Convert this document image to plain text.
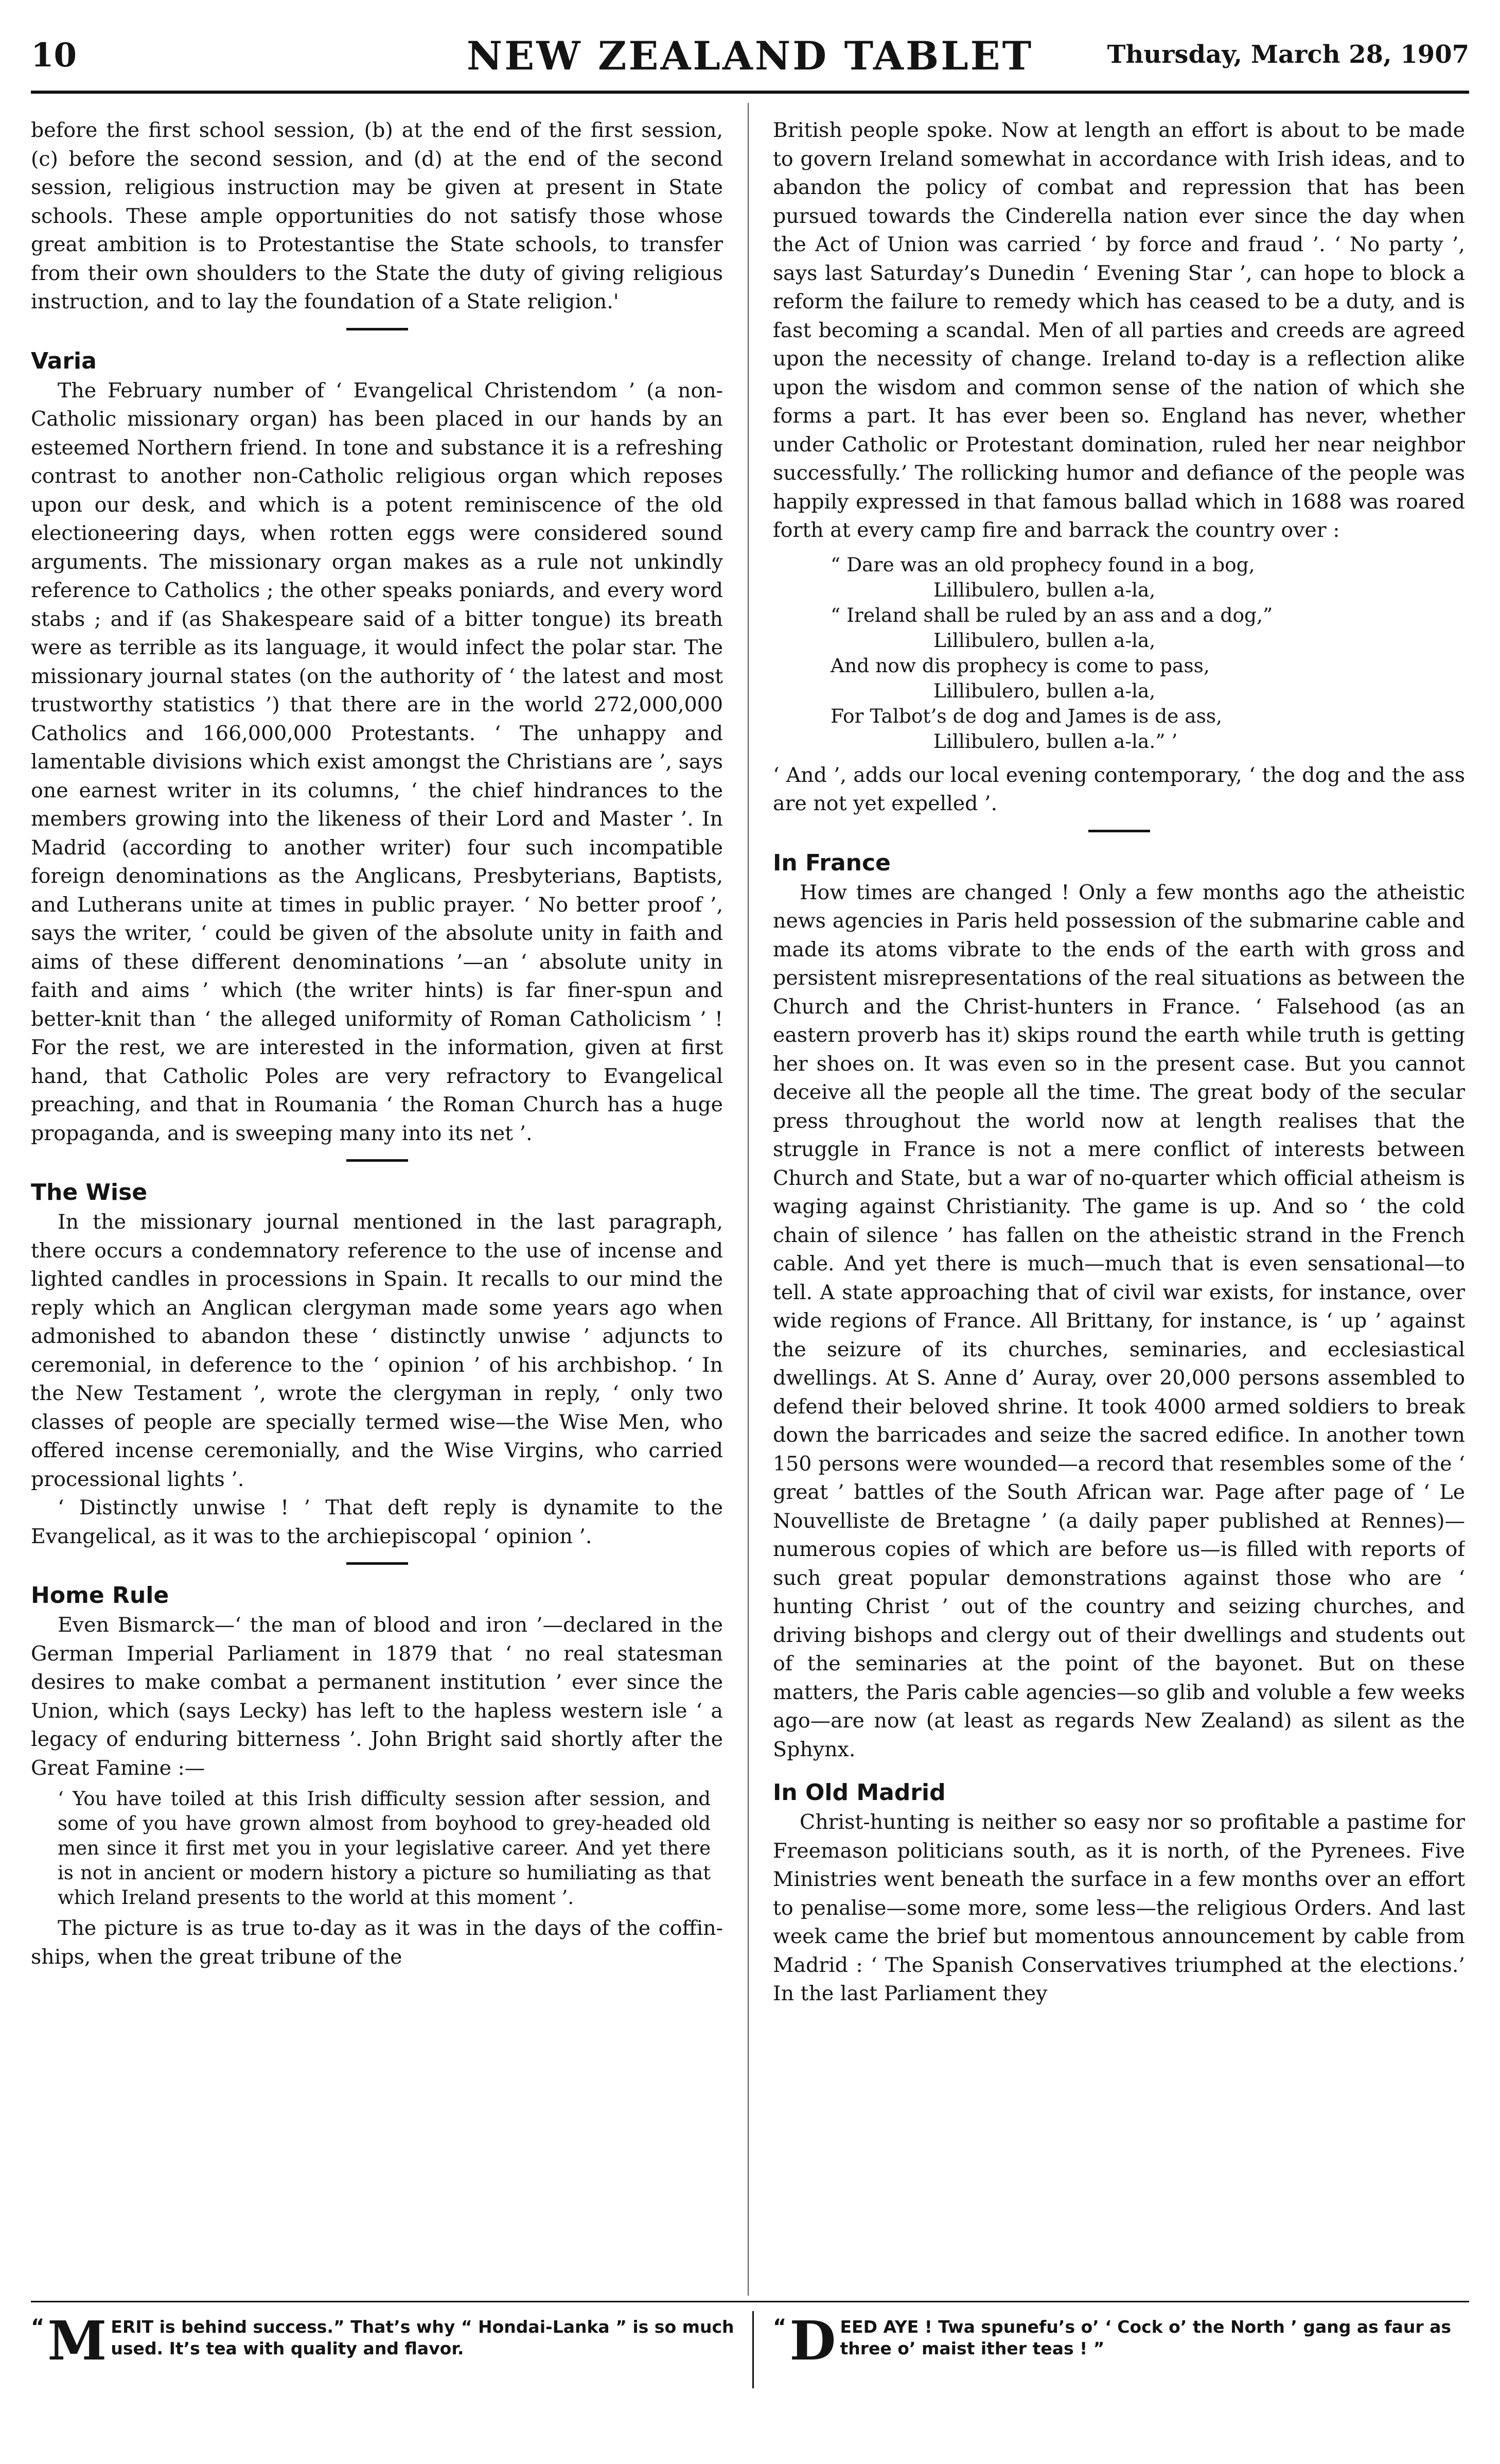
10	NEW ZEALAND TABLET	Thursday, March 28, 1907

before the first school session, (b) at the end of the first session, (c) before the second session, and (d) at the end of the second session, religious instruction may be given at present in State schools. These ample opportunities do not satisfy those whose great ambition is to Protestantise the State schools, to transfer from their own shoulders to the State the duty of giving religious instruction, and to lay the foundation of a State religion.'

Varia

The February number of ‘ Evangelical Christendom ’ (a non-Catholic missionary organ) has been placed in our hands by an esteemed Northern friend. In tone and substance it is a refreshing contrast to another non-Catholic religious organ which reposes upon our desk, and which is a potent reminiscence of the old electioneering days, when rotten eggs were considered sound arguments. The missionary organ makes as a rule not unkindly reference to Catholics ; the other speaks poniards, and every word stabs ; and if (as Shakespeare said of a bitter tongue) its breath were as terrible as its language, it would infect the polar star. The missionary journal states (on the authority of ‘ the latest and most trustworthy statistics ’) that there are in the world 272,000,000 Catholics and 166,000,000 Protestants. ‘ The unhappy and lamentable divisions which exist amongst the Christians are ’, says one earnest writer in its columns, ‘ the chief hindrances to the members growing into the likeness of their Lord and Master ’. In Madrid (according to another writer) four such incompatible foreign denominations as the Anglicans, Presbyterians, Baptists, and Lutherans unite at times in public prayer. ‘ No better proof ’, says the writer, ‘ could be given of the absolute unity in faith and aims of these different denominations ’—an ‘ absolute unity in faith and aims ’ which (the writer hints) is far finer-spun and better-knit than ‘ the alleged uniformity of Roman Catholicism ’ ! For the rest, we are interested in the information, given at first hand, that Catholic Poles are very refractory to Evangelical preaching, and that in Roumania ‘ the Roman Church has a huge propaganda, and is sweeping many into its net ’.

The Wise

In the missionary journal mentioned in the last paragraph, there occurs a condemnatory reference to the use of incense and lighted candles in processions in Spain. It recalls to our mind the reply which an Anglican clergyman made some years ago when admonished to abandon these ‘ distinctly unwise ’ adjuncts to ceremonial, in deference to the ‘ opinion ’ of his archbishop. ‘ In the New Testament ’, wrote the clergyman in reply, ‘ only two classes of people are specially termed wise—the Wise Men, who offered incense ceremonially, and the Wise Virgins, who carried processional lights ’.

‘ Distinctly unwise ! ’ That deft reply is dynamite to the Evangelical, as it was to the archiepiscopal ‘ opinion ’.

Home Rule

Even Bismarck—‘ the man of blood and iron ’—declared in the German Imperial Parliament in 1879 that ‘ no real statesman desires to make combat a permanent institution ’ ever since the Union, which (says Lecky) has left to the hapless western isle ‘ a legacy of enduring bitterness ’. John Bright said shortly after the Great Famine :—

‘ You have toiled at this Irish difficulty session after session, and some of you have grown almost from boyhood to grey-headed old men since it first met you in your legislative career. And yet there is not in ancient or modern history a picture so humiliating as that which Ireland presents to the world at this moment ’.

The picture is as true to-day as it was in the days of the coffin-ships, when the great tribune of the

British people spoke. Now at length an effort is about to be made to govern Ireland somewhat in accordance with Irish ideas, and to abandon the policy of combat and repression that has been pursued towards the Cinderella nation ever since the day when the Act of Union was carried ‘ by force and fraud ’. ‘ No party ’, says last Saturday’s Dunedin ‘ Evening Star ’, can hope to block a reform the failure to remedy which has ceased to be a duty, and is fast becoming a scandal. Men of all parties and creeds are agreed upon the necessity of change. Ireland to-day is a reflection alike upon the wisdom and common sense of the nation of which she forms a part. It has ever been so. England has never, whether under Catholic or Protestant domination, ruled her near neighbor successfully.’ The rollicking humor and defiance of the people was happily expressed in that famous ballad which in 1688 was roared forth at every camp fire and barrack the country over :

“ Dare was an old prophecy found in a bog,
Lillibulero, bullen a-la,
“ Ireland shall be ruled by an ass and a dog,”
Lillibulero, bullen a-la,
And now dis prophecy is come to pass,
Lillibulero, bullen a-la,
For Talbot’s de dog and James is de ass,
Lillibulero, bullen a-la.” ’

‘ And ’, adds our local evening contemporary, ‘ the dog and the ass are not yet expelled ’.

In France

How times are changed ! Only a few months ago the atheistic news agencies in Paris held possession of the submarine cable and made its atoms vibrate to the ends of the earth with gross and persistent misrepresentations of the real situations as between the Church and the Christ-hunters in France. ‘ Falsehood (as an eastern proverb has it) skips round the earth while truth is getting her shoes on. It was even so in the present case. But you cannot deceive all the people all the time. The great body of the secular press throughout the world now at length realises that the struggle in France is not a mere conflict of interests between Church and State, but a war of no-quarter which official atheism is waging against Christianity. The game is up. And so ‘ the cold chain of silence ’ has fallen on the atheistic strand in the French cable. And yet there is much—much that is even sensational—to tell. A state approaching that of civil war exists, for instance, over wide regions of France. All Brittany, for instance, is ‘ up ’ against the seizure of its churches, seminaries, and ecclesiastical dwellings. At S. Anne d’ Auray, over 20,000 persons assembled to defend their beloved shrine. It took 4000 armed soldiers to break down the barricades and seize the sacred edifice. In another town 150 persons were wounded—a record that resembles some of the ‘ great ’ battles of the South African war. Page after page of ‘ Le Nouvelliste de Bretagne ’ (a daily paper published at Rennes)—numerous copies of which are before us—is filled with reports of such great popular demonstrations against those who are ‘ hunting Christ ’ out of the country and seizing churches, and driving bishops and clergy out of their dwellings and students out of the seminaries at the point of the bayonet. But on these matters, the Paris cable agencies—so glib and voluble a few weeks ago—are now (at least as regards New Zealand) as silent as the Sphynx.

In Old Madrid

Christ-hunting is neither so easy nor so profitable a pastime for Freemason politicians south, as it is north, of the Pyrenees. Five Ministries went beneath the surface in a few months over an effort to penalise—some more, some less—the religious Orders. And last week came the brief but momentous announcement by cable from Madrid : ‘ The Spanish Conservatives triumphed at the elections.’ In the last Parliament they

“ M ERIT is behind success.” That’s why “ Hondai-Lanka ” is so much used. It’s tea with quality and flavor.
“ D EED AYE ! Twa spunefu’s o’ ‘ Cock o’ the North ’ gang as faur as three o’ maist ither teas ! ”
